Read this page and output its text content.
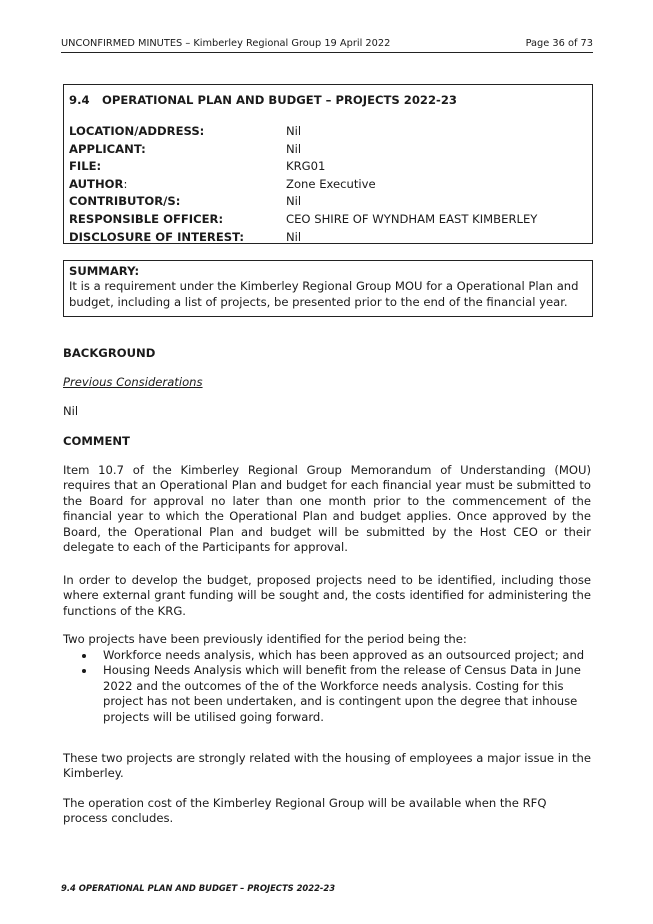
UNCONFIRMED MINUTES – Kimberley Regional Group 19 April 2022	Page 36 of 73
9.4	OPERATIONAL PLAN AND BUDGET – PROJECTS 2022-23
LOCATION/ADDRESS:	Nil
APPLICANT:	Nil
FILE:	KRG01
AUTHOR:	Zone Executive
CONTRIBUTOR/S:	Nil
RESPONSIBLE OFFICER:	CEO SHIRE OF WYNDHAM EAST KIMBERLEY
DISCLOSURE OF INTEREST:	Nil
SUMMARY:
It is a requirement under the Kimberley Regional Group MOU for a Operational Plan and
budget, including a list of projects, be presented prior to the end of the financial year.
BACKGROUND
Previous Considerations
Nil
COMMENT

Item 10.7 of the Kimberley Regional Group Memorandum of Understanding (MOU) requires that an Operational Plan and budget for each financial year must be submitted to the Board for approval no later than one month prior to the commencement of the financial year to which the Operational Plan and budget applies. Once approved by the Board, the Operational Plan and budget will be submitted by the Host CEO or their delegate to each of the Participants for approval.

In order to develop the budget, proposed projects need to be identified, including those where external grant funding will be sought and, the costs identified for administering the functions of the KRG.

Two projects have been previously identified for the period being the:

Workforce needs analysis, which has been approved as an outsourced project; and
Housing Needs Analysis which will benefit from the release of Census Data in June 2022 and the outcomes of the of the Workforce needs analysis. Costing for this project has not been undertaken, and is contingent upon the degree that inhouse projects will be utilised going forward.

These two projects are strongly related with the housing of employees a major issue in the Kimberley.

The operation cost of the Kimberley Regional Group will be available when the RFQ process concludes.

9.4 OPERATIONAL PLAN AND BUDGET – PROJECTS 2022-23
